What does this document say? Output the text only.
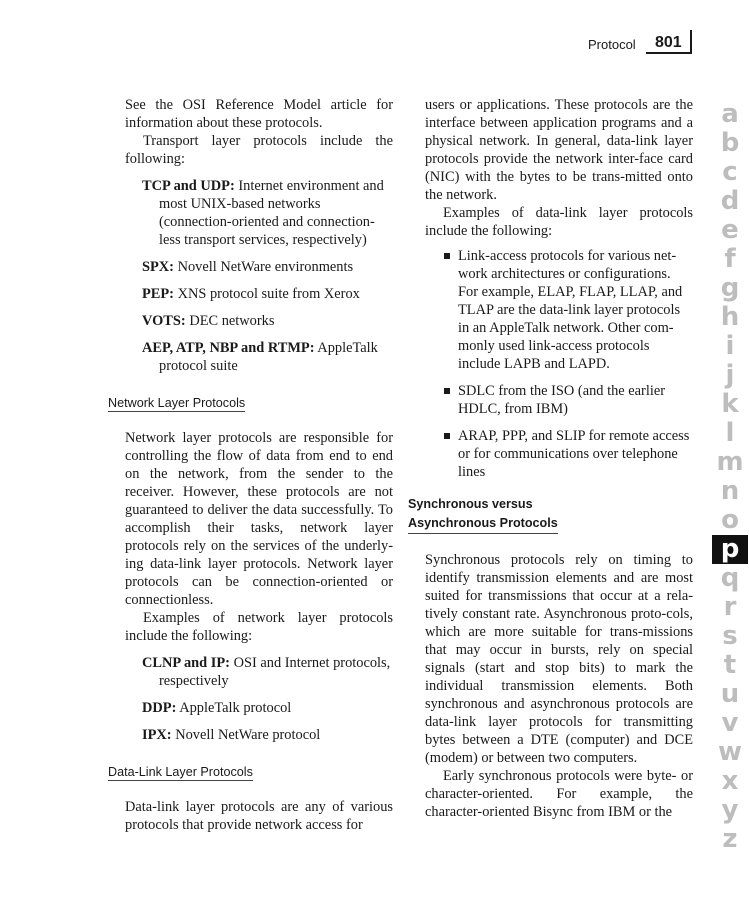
Protocol 801

See the OSI Reference Model article for information about these protocols.

Transport layer protocols include the following:

TCP and UDP: Internet environment and most UNIX-based networks (connection-oriented and connection-less transport services, respectively)
SPX: Novell NetWare environments
PEP: XNS protocol suite from Xerox
VOTS: DEC networks
AEP, ATP, NBP and RTMP: AppleTalk protocol suite
Network Layer Protocols

Network layer protocols are responsible for controlling the flow of data from end to end on the network, from the sender to the receiver. However, these protocols are not guaranteed to deliver the data successfully. To accomplish their tasks, network layer protocols rely on the services of the underly-ing data-link layer protocols. Network layer protocols can be connection-oriented or connectionless.

Examples of network layer protocols include the following:

CLNP and IP: OSI and Internet protocols, respectively
DDP: AppleTalk protocol
IPX: Novell NetWare protocol
Data-Link Layer Protocols

Data-link layer protocols are any of various protocols that provide network access for

users or applications. These protocols are the interface between application programs and a physical network. In general, data-link layer protocols provide the network inter-face card (NIC) with the bytes to be trans-mitted onto the network.

Examples of data-link layer protocols include the following:

Link-access protocols for various net-work architectures or configurations. For example, ELAP, FLAP, LLAP, and TLAP are the data-link layer protocols in an AppleTalk network. Other com-monly used link-access protocols include LAPB and LAPD.
SDLC from the ISO (and the earlier HDLC, from IBM)
ARAP, PPP, and SLIP for remote access or for communications over telephone lines
Synchronous versus
Asynchronous Protocols

Synchronous protocols rely on timing to identify transmission elements and are most suited for transmissions that occur at a rela-tively constant rate. Asynchronous proto-cols, which are more suitable for trans-missions that may occur in bursts, rely on special signals (start and stop bits) to mark the individual transmission elements. Both synchronous and asynchronous protocols are data-link layer protocols for transmitting bytes between a DTE (computer) and DCE (modem) or between two computers.

Early synchronous protocols were byte- or character-oriented. For example, the character-oriented Bisync from IBM or the

a
b
c
d
e
f
g
h
i
j
k
l
m
n
o
p
q
r
s
t
u
v
w
x
y
z
